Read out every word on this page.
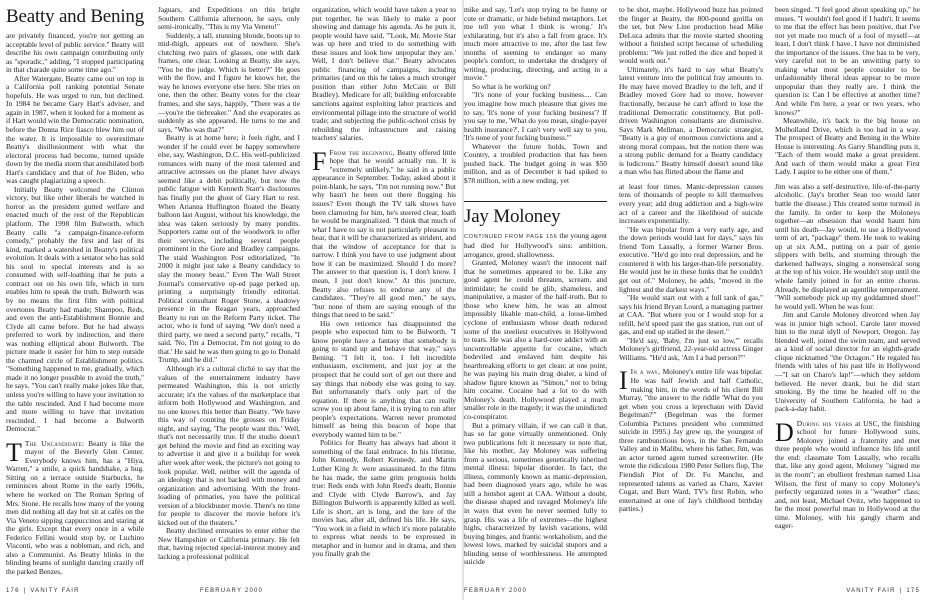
Beatty and Bening

are privately financed, you're not getting an acceptable level of public service." Beatty will describe his own campaign contributing only as "sporadic," adding, "I stopped participating in that charade quite some time ago."

After Watergate, Beatty came out on top in a California poll ranking potential Senate hopefuls. He was urged to run, but declined. In 1984 he became Gary Hart's adviser, and again in 1987, when it looked for a moment as if Hart would win the Democratic nomination, before the Donna Rice fiasco blew him out of the water. It is impossible to overestimate Beatty's disillusionment with what the electoral process had become, turned upside down by the media storm that annihilated both Hart's candidacy and that of Joe Biden, who was caught plagiarizing a speech.

Initially Beatty welcomed the Clinton victory, but like other liberals he watched in horror as the president gutted welfare and enacted much of the rest of the Republican platform. The 1998 film Bulworth, which Beatty calls "a campaign-finance-reform comedy," probably the first and last of its kind, marked a watershed in Beatty's political evolution. It deals with a senator who has sold his soul to special interests and is so consumed with self-loathing that he puts a contract out on his own life, which in turn enables him to speak the truth. Bulworth was by no means the first film with political overtones Beatty had made; Shampoo, Reds, and even the anti-Establishment Bonnie and Clyde all came before. But he had always preferred to work by indirection, and there was nothing elliptical about Bulworth. The picture made it easier for him to step outside the charmed circle of Establishment politics. "Something happened to me, gradually, which made it no longer possible to avoid the truth," he says. "You can't really make jokes like that, unless you're willing to have your invitation to the table rescinded. And I had become more and more willing to have that invitation rescinded. I had become a Bulworth Democrat."

T The Uncandidate: Beatty is like the mayor of the Beverly Glen Center. Everybody knows him, has a "Hiya, Warren," a smile, a quick handshake, a hug. Sitting on a terrace outside Starbucks, he reminisces about Rome in the early 1960s, where he worked on The Roman Spring of Mrs. Stone. He recalls how many of the young men did nothing all day but sit at cafés on the Via Veneto sipping cappuccinos and staring at the girls. Except that every once in a while Federico Fellini would stop by, or Luchino Visconti, who was a nobleman, and rich, and also a Communist. As Beatty blinks in the blinding beams of sunlight dancing crazily off the parked Benzes,

Jaguars, and Expeditions on this bright Southern California afternoon, he says, only semi-ironically, "This is my Via Veneto!"

Suddenly, a tall, stunning blonde, boots up to mid-thigh, appears out of nowhere. She's clutching two pairs of glasses, one with dark frames, one clear. Looking at Beatty, she says, "You be the judge. Which is better?" He goes with the flow, and I figure he knows her, the way he knows everyone else here. She tries on one, then the other. Beatty votes for the clear frames, and she says, happily, "There was a tie—you're the tiebreaker." And she evaporates as suddenly as she appeared. He turns to me and says, "Who was that?"

Beatty is at home here; it feels right, and I wonder if he could ever be happy somewhere else, say, Washington, D.C. His well-publicized romances with many of the most talented and attractive actresses on the planet have always seemed like a debit politically, but now the public fatigue with Kenneth Starr's disclosures has finally put the ghost of Gary Hart to rest. When Arianna Huffington floated the Beatty balloon last August, without his knowledge, the idea was taken seriously by many pundits. Supporters came out of the woodwork to offer their services, including several people prominent in the Gore and Bradley campaigns. The staid Washington Post editorialized, "In 2000 it might just take a Beatty candidacy to slay the money beast." Even The Wall Street Journal's conservative op-ed page perked up, printing a surprisingly friendly editorial. Political consultant Roger Stone, a shadowy presence in the Reagan years, approached Beatty to run on the Reform Party ticket. The actor, who is fond of saying "We don't need a third party, we need a second party," recalls, "I said, 'No, I'm a Democrat, I'm not going to do that.' He said he was then going to go to Donald Trump, and he did."

Although it's a cultural cliché to say that the values of the entertainment industry have permeated Washington, this is not strictly accurate; it's the values of the marketplace that inform both Hollywood and Washington, and no one knows this better than Beatty. "We have this way of counting the grosses on Friday night, and saying, 'The people want this.' Well, that's not necessarily true. If the studio doesn't get behind the movie and find an exciting way to advertise it and give it a buildup for week after week after week, the picture's not going to look popular. Well, neither will the agenda of an ideology that is not backed with money and organization and advertising. With the front-loading of primaries, you have the political version of a blockbuster movie. There's no time for people to discover the movie before it's kicked out of the theaters."

Beatty declined entreaties to enter either the New Hampshire or California primary. He felt that, having rejected special-interest money and lacking a professional political

organization, which would have taken a year to put together, he was likely to make a poor showing and damage his agenda. As he puts it, people would have said, "'Look, Mr. Movie Star was up here and tried to do something with these issues and look how unpopular they are.' Well, I don't believe that." Beatty advocates public financing of campaigns, including primaries (and on this he takes a much stronger position than either John McCain or Bill Bradley). Medicare for all; building enforceable sanctions against exploiting labor practices and environmental pillage into the structure of world trade; and subjecting the public-school crisis by rebuilding the infrastructure and raising teachers' salaries.

F From the beginning, Beatty offered little hope that he would actually run. It is "extremely unlikely," he said in a public appearance in September. Today, asked about it point-blank, he says, "I'm not running now." But why hasn't he been out there flogging his issues? Even though the TV talk shows have been clamoring for him, he's steered clear, loath he would be marginalized. "I think that much of what I have to say is not particularly pleasant to hear, that it will be characterized as strident, and that the window of acceptance for that is narrow. I think you have to use judgment about how it can be maximized. Should I do more? The answer to that question is, I don't know. I mean, I just don't know." At this juncture, Beatty also refuses to endorse any of the candidates. "They're all good men," he says, "but none of them are saying enough of the things that need to be said."

His own reticence has disappointed the people who expected him to be Bulworth. "I know people have a fantasy that somebody is going to stand up and behave that way," says Bening. "I felt it, too. I felt incredible enthusiasm, excitement, and just joy at the prospect that he could sort of get out there and say things that nobody else was going to say. But unfortunately that's only part of the equation. If there is anything that can really screw you up about fame, it is trying to run after people's expectations. Warren never promoted himself as being this beacon of hope that everybody wanted him to be."

Politics for Beatty has always had about it something of the fatal embrace. In his lifetime, John Kennedy, Robert Kennedy, and Martin Luther King Jr. were assassinated. In the films he has made, the same grim prognosis holds true: Reds ends with John Reed's death, Bonnie and Clyde with Clyde Barrow's, and Jay Billington Bulworth is apparently killed as well. Life is short, art is long, and the lure of the movies has, after all, defined his life. He says, "You work in a field in which it's more palatable to express what needs to be expressed in metaphor and in humor and in drama, and then you finally grab the

176 | VANITY FAIR	FEBRUARY 2000

mike and say, 'Let's stop trying to be funny or cute or dramatic, or hide behind metaphors. Let me tell you what I think is wrong.' It's exhilarating, but it's also a fall from grace. It's much more attractive to me, after the last few months of seeming to endanger so many people's comfort, to undertake the drudgery of writing, producing, directing, and acting in a movie."

So what is he working on?

"It's none of your fucking business.... Can you imagine how much pleasure that gives me to say, 'It's none of your fucking business'? If you say to me, 'What do you mean, single-payer health insurance?', I can't very well say to you, 'It's none of your fucking business.'"

Whatever the future holds, Town and Country, a troubled production that has been pushed back. The budget going in was $50 million, and as of December it had spiked to $78 million, with a new ending, yet

Jay Moloney

CONTINUED FROM PAGE 156 the young agent had died for Hollywood's sins: ambition, arrogance, greed, shallowness.

Granted, Moloney wasn't the innocent naif that he sometimes appeared to be. Like any good agent he could threaten, scream, and intimidate; he could be glib, shameless, and manipulative, a master of the half-truth. But to those who knew him, he was an almost impossibly likable man-child, a loose-limbed cyclone of enthusiasm whose death reduced some of the steeliest executives in Hollywood to tears. He was also a hard-core addict with an uncontrollable appetite for cocaine, which bedeviled and enslaved him despite his heartbreaking efforts to get clean: at one point, he was paying his main drug dealer, a kind of shadow figure known as "Simon," not to bring him cocaine. Cocaine had a lot to do with Moloney's death. Hollywood played a much smaller role in the tragedy; it was the unindicted co-conspirator.

But a primary villain, if we can call it that, has so far gone virtually unmentioned. Only two publications felt it necessary to note that, like his mother, Jay Moloney was suffering from a serious, sometimes genetically inherited mental illness: bipolar disorder. In fact, the illness, commonly known as manic-depression, had been diagnosed years ago, while he was still a hotshot agent at CAA. Without a doubt, the disease shaped and ravaged Moloney's life in ways that even he never seemed fully to grasp. His was a life of extremes—the highest highs, characterized by lavish vacations, wild buying binges, and frantic workaholism, and the lowest lows, marked by suicidal stupors and a blinding sense of worthlessness. He attempted suicide

to be shot, maybe. Hollywood buzz has pointed the finger at Beatty, the 800-pound gorilla on the set, but New Line production head Mike DeLuca admits that the movie started shooting without a finished script because of scheduling problems: "We just rolled the dice and hoped it would work out."

Ultimately, it's hard to say what Beatty's latest venture into the political fray amounts to. He may have moved Bradley to the left, and if Bradley moved Gore had to move, however fractionally, because he can't afford to lose the traditional Democratic constituency. But poll-driven Washington consultants are dismissive. Says Mark Mellman, a Democratic strategist, "Beatty is a guy of enormous convictions and a strong moral compass, but the notion there was a strong public demand for a Beatty candidacy is ludicrous." Beatty himself doesn't sound like a man who has flirted about the flame and

at least four times. Manic-depression causes tens of thousands of people to kill themselves every year; add drug addiction and a high-wire act of a career and the likelihood of suicide increases exponentially.

"He was bipolar from a very early age, and the down periods would last for days," says his friend Tom Lassally, a former Warner Bros. executive. "He'd go into real depression, and he countered it with his larger-than-life personality. He would just be in these funks that he couldn't get out of." Moloney, he adds, "moved in the lightest and the darkest ways."

"He would start out with a full tank of gas," says his friend Bryan Lourd, a managing partner at CAA. "But where you or I would stop for a refill, he'd speed past the gas station, run out of gas, and end up stalled in the desert."

"He'd say, 'Baby, I'm just so low,'" recalls Moloney's girlfriend, 22-year-old actress Ginger Williams. "He'd ask, 'Am I a bad person?'"

I In a way, Moloney's entire life was bipolar. He was half Jewish and half Catholic, making him, in the words of his client Bill Murray, "the answer to the riddle 'What do you get when you cross a leprechaun with David Begelman?'" (Begelman was the former Columbia Pictures president who committed suicide in 1995.) Jay grew up, the youngest of three rambunctious boys, in the San Fernando Valley and in Malibu, where his father, Jim, was an actor turned agent turned screenwriter. (He wrote the ridiculous 1980 Peter Sellers flop, The Fiendish Plot of Dr. Fu Manchu, and represented talents as varied as Charo, Xavier Cugat, and Burt Ward, TV's first Robin, who entertained at one of Jay's childhood birthday parties.)

been singed. "I feel good about speaking up," he muses. "I wouldn't feel good if I hadn't. It seems to me that the effect has been positive, that I've not yet made too much of a fool of myself—at least, I don't think I have. I have not diminished the importance of the issues. One has to be very, very careful not to be an unwitting party to making what most people consider to be unfashionably liberal ideas appear to be more unpopular than they really are. I think the question is: Can I be effective at another time? And while I'm here, a year or two years, who knows?"

Meanwhile, it's back to the big house on Mulholland Drive, which is too bad in a way. The prospect of Beatty and Bening in the White House is interesting. As Garry Shandling puts it, "Each of them would make a great president. And each of them would make a great First Lady. I aspire to be either one of them."

Jim was also a self-destructive, life-of-the-party alcoholic. (Jay's brother Sean too would later battle the disease.) This created some turmoil in the family. In order to keep the Moloneys together—an obsession that would haunt him until his death—Jay would, to use a Hollywood term of art, "package" them. He took to waking up at six A.M., putting on a pair of genie slippers with bells, and storming through the darkened hallways, singing a nonsensical song at the top of his voice. He wouldn't stop until the whole family joined in for an entire chorus. Already, he displayed an agentlike temperament. "Will somebody pick up my goddamned shoe!" he would yell. When he was four.

Jim and Carole Moloney divorced when Jay was in junior high school. Carole later moved him to the rural idyll of Newport, Oregon. Jay blended well, joined the swim team, and served as a kind of social director for an eighth-grade clique nicknamed "the Octagon." He regaled his friends with tales of his past life in Hollywood—"I sat on Charo's lap!"—which they seldom believed. He never drank, but he did start smoking. By the time he headed off to the University of Southern California, he had a pack-a-day habit.

D During his years at USC, the finishing school for future Hollywood suits, Moloney joined a fraternity and met three people who would influence his life until the end: classmate Tom Lassally, who recalls that, like any good agent, Moloney "signed me in the room"; an ebullient freshman named Lisa Wilson, the first of many to copy Moloney's perfectly organized notes in a "weather" class; and, not least, Michael Ovitz, who happened to be the most powerful man in Hollywood at the time. Moloney, with his gangly charm and eager-

FEBRUARY 2000	VANITY FAIR | 175
